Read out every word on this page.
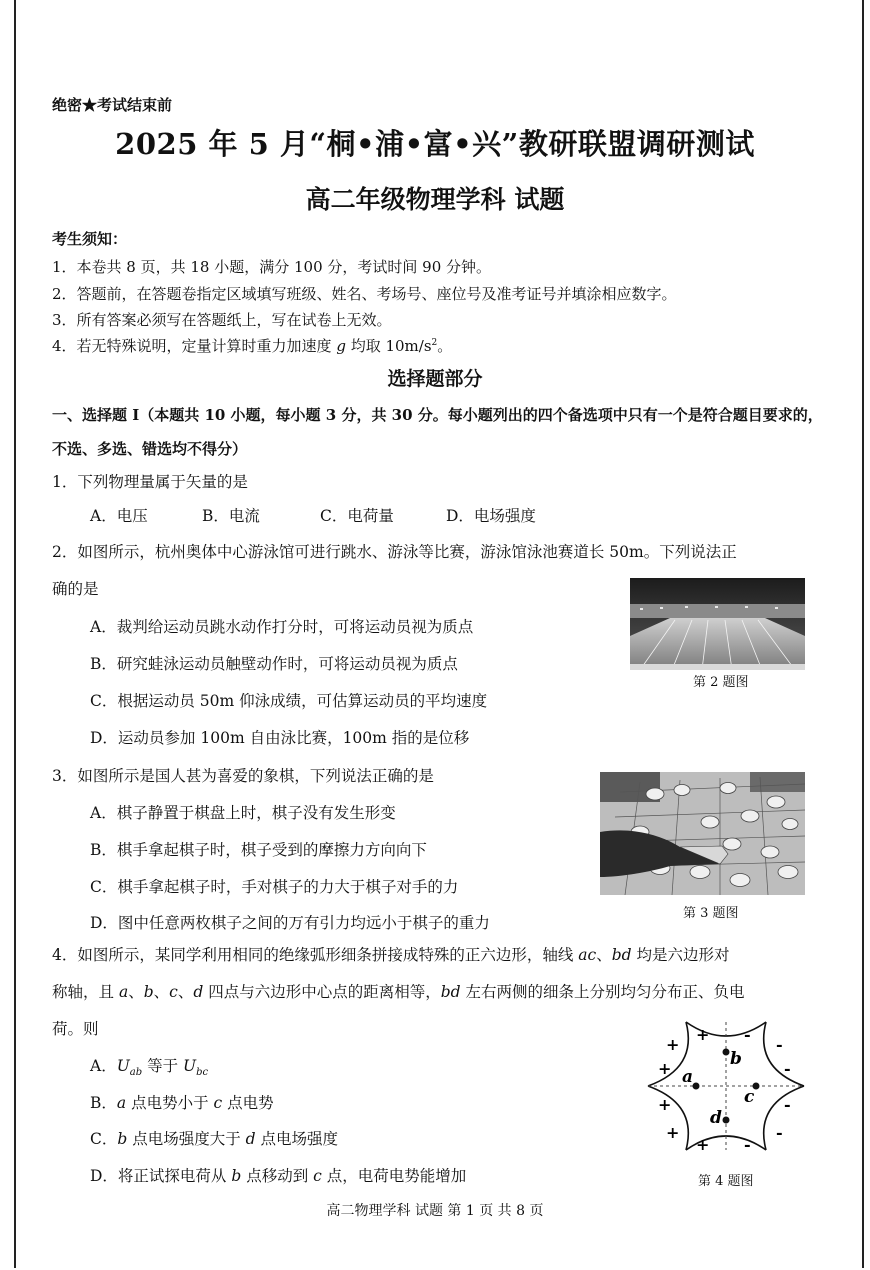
绝密★考试结束前
2025 年 5 月“桐•浦•富•兴”教研联盟调研测试
高二年级物理学科 试题
考生须知：
1．本卷共 8 页，共 18 小题，满分 100 分，考试时间 90 分钟。
2．答题前，在答题卷指定区域填写班级、姓名、考场号、座位号及准考证号并填涂相应数字。
3．所有答案必须写在答题纸上，写在试卷上无效。
4．若无特殊说明，定量计算时重力加速度 g 均取 $10m/s^2$。
选择题部分
一、选择题 I（本题共 10 小题，每小题 3 分，共 30 分。每小题列出的四个备选项中只有一个是符合题目要求的，不选、多选、错选均不得分）
1．下列物理量属于矢量的是
A．电压	B．电流	C．电荷量	D．电场强度
2．如图所示，杭州奥体中心游泳馆可进行跳水、游泳等比赛，游泳馆泳池赛道长 50m。下列说法正
确的是
A．裁判给运动员跳水动作打分时，可将运动员视为质点
B．研究蛙泳运动员触壁动作时，可将运动员视为质点
C．根据运动员 50m 仰泳成绩，可估算运动员的平均速度
D．运动员参加 100m 自由泳比赛，100m 指的是位移
第 2 题图
3．如图所示是国人甚为喜爱的象棋，下列说法正确的是
A．棋子静置于棋盘上时，棋子没有发生形变
B．棋手拿起棋子时，棋子受到的摩擦力方向向下
C．棋手拿起棋子时，手对棋子的力大于棋子对手的力
D．图中任意两枚棋子之间的万有引力均远小于棋子的重力
第 3 题图
4．如图所示，某同学利用相同的绝缘弧形细条拼接成特殊的正六边形，轴线 ac、bd 均是六边形对
称轴，且 a、b、c、d 四点与六边形中心点的距离相等，bd 左右两侧的细条上分别均匀分布正、负电
荷。则
A．$U_{ab}$ 等于 $U_{bc}$
B．a 点电势小于 c 点电势
C．b 点电场强度大于 d 点电场强度
D．将正试探电荷从 b 点移动到 c 点，电荷电势能增加
a
c
b
d
+
+
+
+
+
+
-
-
-
-
-
-
第 4 题图
高二物理学科 试题 第 1 页 共 8 页
